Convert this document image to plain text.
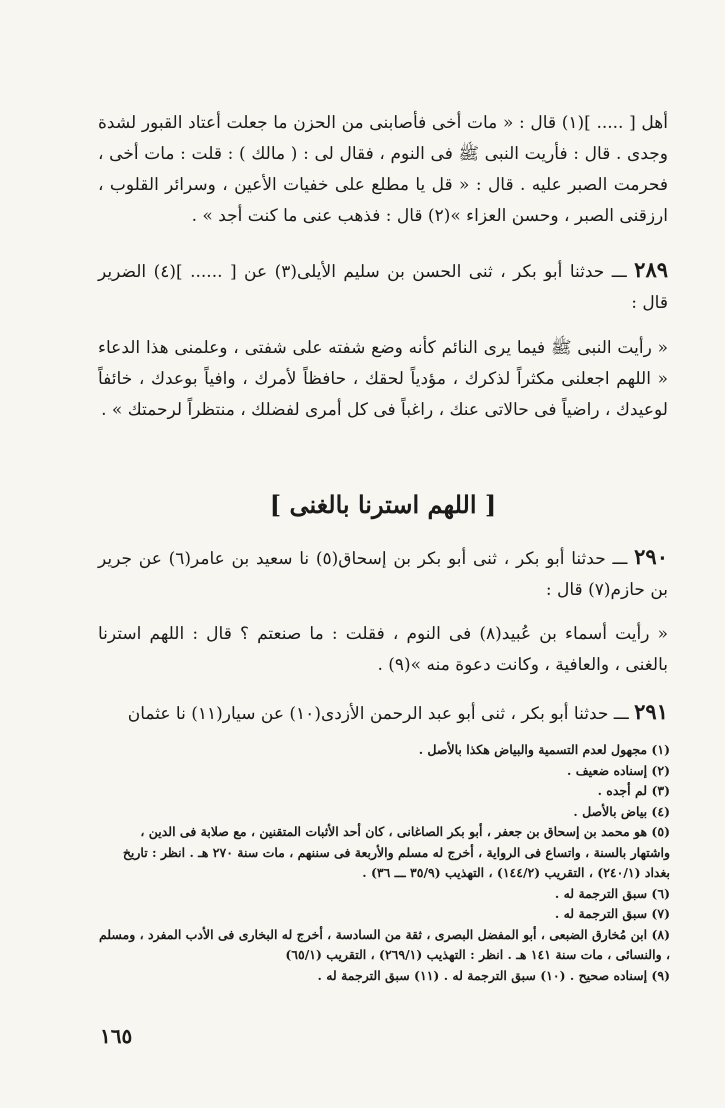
أهل [ ..... ](١) قال : « مات أخى فأصابنى من الحزن ما جعلت أعتاد القبور لشدة وجدى . قال : فأريت النبى ﷺ فى النوم ، فقال لى : ( مالك ) : قلت : مات أخى ، فحرمت الصبر عليه . قال : « قل يا مطلع على خفيات الأعين ، وسرائر القلوب ، ارزقنى الصبر ، وحسن العزاء »(٢) قال : فذهب عنى ما كنت أجد » .

٢٨٩ ـــ حدثنا أبو بكر ، ثنى الحسن بن سليم الأيلى(٣) عن [ ...... ](٤) الضرير قال :

« رأيت النبى ﷺ فيما يرى النائم كأنه وضع شفته على شفتى ، وعلمنى هذا الدعاء « اللهم اجعلنى مكثراً لذكرك ، مؤدياً لحقك ، حافظاً لأمرك ، وافياً بوعدك ، خائفاً لوعيدك ، راضياً فى حالاتى عنك ، راغباً فى كل أمرى لفضلك ، منتظراً لرحمتك » .

[ اللهم استرنا بالغنى ]

٢٩٠ ـــ حدثنا أبو بكر ، ثنى أبو بكر بن إسحاق(٥) نا سعيد بن عامر(٦) عن جرير بن حازم(٧) قال :

« رأيت أسماء بن عُبيد(٨) فى النوم ، فقلت : ما صنعتم ؟ قال : اللهم استرنا بالغنى ، والعافية ، وكانت دعوة منه »(٩) .

٢٩١ ـــ حدثنا أبو بكر ، ثنى أبو عبد الرحمن الأزدى(١٠) عن سيار(١١) نا عثمان

(١) مجهول لعدم التسمية والبياض هكذا بالأصل .

(٢) إسناده ضعيف .

(٣) لم أجده .

(٤) بياض بالأصل .

(٥) هو محمد بن إسحاق بن جعفر ، أبو بكر الصاغانى ، كان أحد الأثبات المتقنين ، مع صلابة فى الدين ، واشتهار بالسنة ، واتساع فى الرواية ، أخرج له مسلم والأربعة فى سننهم ، مات سنة ٢٧٠ هـ . انظر : تاريخ بغداد (٢٤٠/١) ، التقريب (١٤٤/٢) ، التهذيب (٣٥/٩ ـــ ٣٦) .

(٦) سبق الترجمة له .

(٧) سبق الترجمة له .

(٨) ابن مُخارق الضبعى ، أبو المفضل البصرى ، ثقة من السادسة ، أخرج له البخارى فى الأدب المفرد ، ومسلم ، والنسائى ، مات سنة ١٤١ هـ . انظر : التهذيب (٢٦٩/١) ، التقريب (٦٥/١)

(٩) إسناده صحيح . (١٠) سبق الترجمة له . (١١) سبق الترجمة له .

١٦٥
